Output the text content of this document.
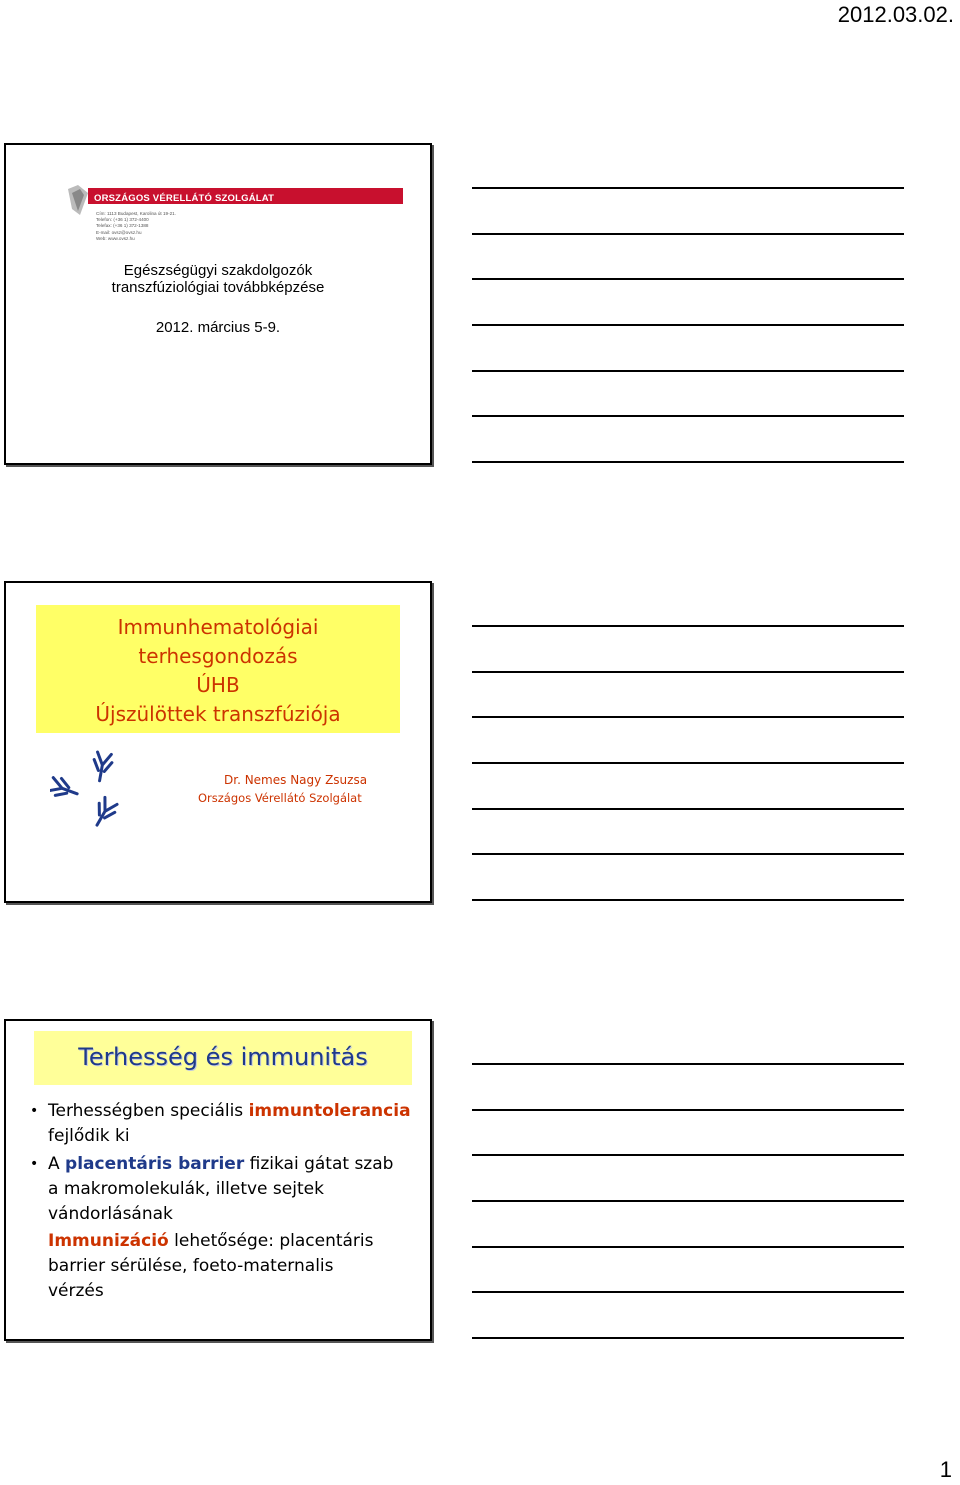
2012.03.02.
ORSZÁGOS VÉRELLÁTÓ SZOLGÁLAT
Cím: 1113 Budapest, Karolina út 19-21.
Telefon: (+36 1) 372-4400
Telefax: (+36 1) 372-1388
E-mail: ovsz@ovsz.hu
Web: www.ovsz.hu
Egészségügyi szakdolgozók
transzfúziológiai továbbképzése
2012. március 5-9.
Immunhematológiai
terhesgondozás
ÚHB
Újszülöttek transzfúziója
Dr. Nemes Nagy Zsuzsa
Országos Vérellátó Szolgálat
Terhesség és immunitás
• Terhességben speciális immuntolerancia
fejlődik ki
• A placentáris barrier fizikai gátat szab
a makromolekulák, illetve sejtek
vándorlásának
Immunizáció lehetősége: placentáris
barrier sérülése, foeto-maternalis
vérzés
1
